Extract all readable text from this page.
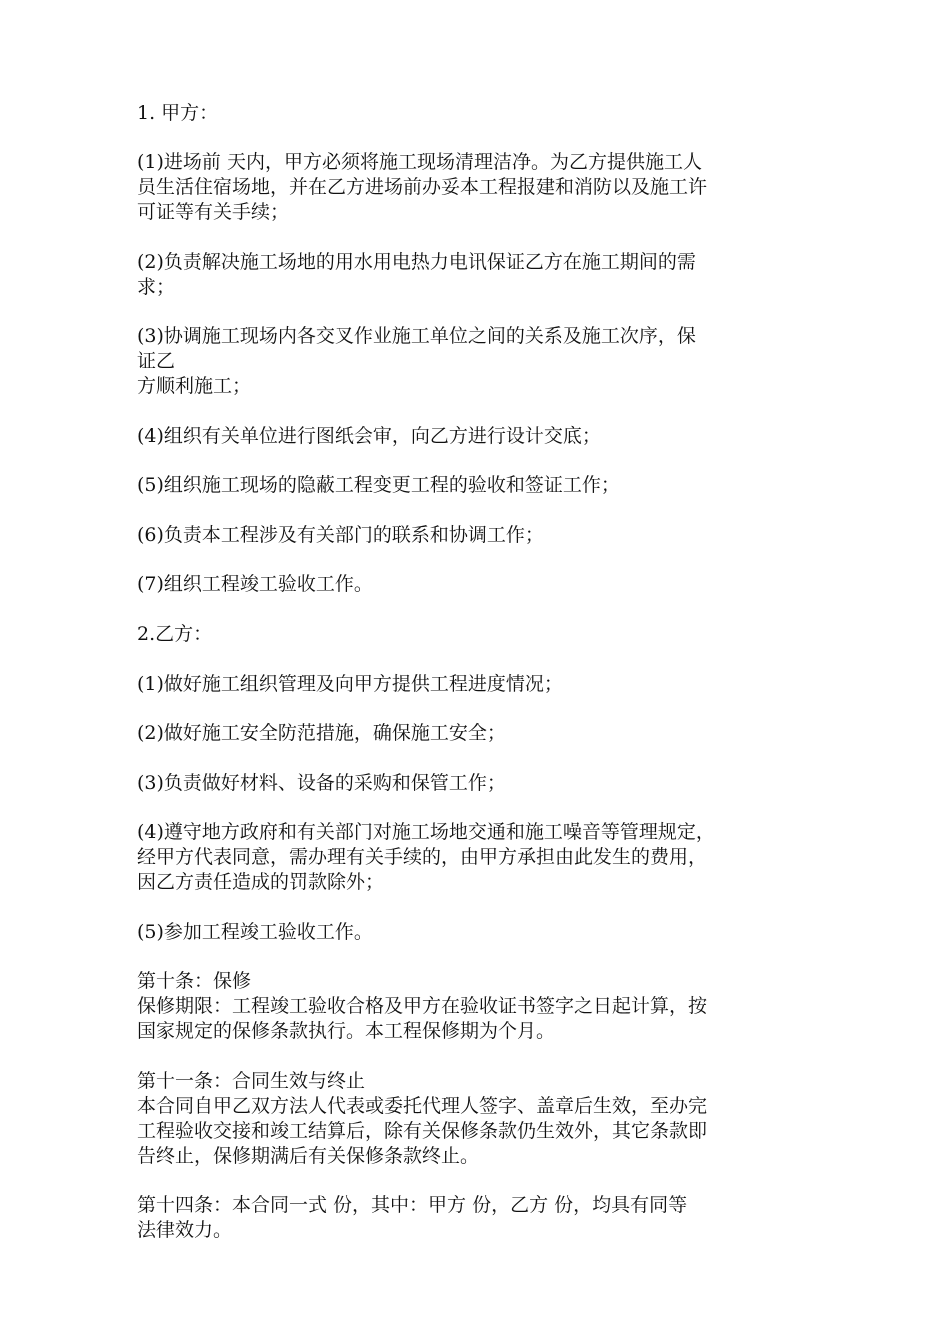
1. 甲方：
(1)进场前 天内，甲方必须将施工现场清理洁净。为乙方提供施工人
员生活住宿场地，并在乙方进场前办妥本工程报建和消防以及施工许
可证等有关手续；
(2)负责解决施工场地的用水用电热力电讯保证乙方在施工期间的需
求；
(3)协调施工现场内各交叉作业施工单位之间的关系及施工次序，保
证乙
方顺利施工；
(4)组织有关单位进行图纸会审，向乙方进行设计交底；
(5)组织施工现场的隐蔽工程变更工程的验收和签证工作；
(6)负责本工程涉及有关部门的联系和协调工作；
(7)组织工程竣工验收工作。
2.乙方：
(1)做好施工组织管理及向甲方提供工程进度情况；
(2)做好施工安全防范措施，确保施工安全；
(3)负责做好材料、设备的采购和保管工作；
(4)遵守地方政府和有关部门对施工场地交通和施工噪音等管理规定，
经甲方代表同意，需办理有关手续的，由甲方承担由此发生的费用，
因乙方责任造成的罚款除外；
(5)参加工程竣工验收工作。
第十条：保修
保修期限：工程竣工验收合格及甲方在验收证书签字之日起计算，按
国家规定的保修条款执行。本工程保修期为个月。
第十一条：合同生效与终止
本合同自甲乙双方法人代表或委托代理人签字、盖章后生效，至办完
工程验收交接和竣工结算后，除有关保修条款仍生效外，其它条款即
告终止，保修期满后有关保修条款终止。
第十四条：本合同一式 份，其中：甲方 份，乙方 份，均具有同等
法律效力。
